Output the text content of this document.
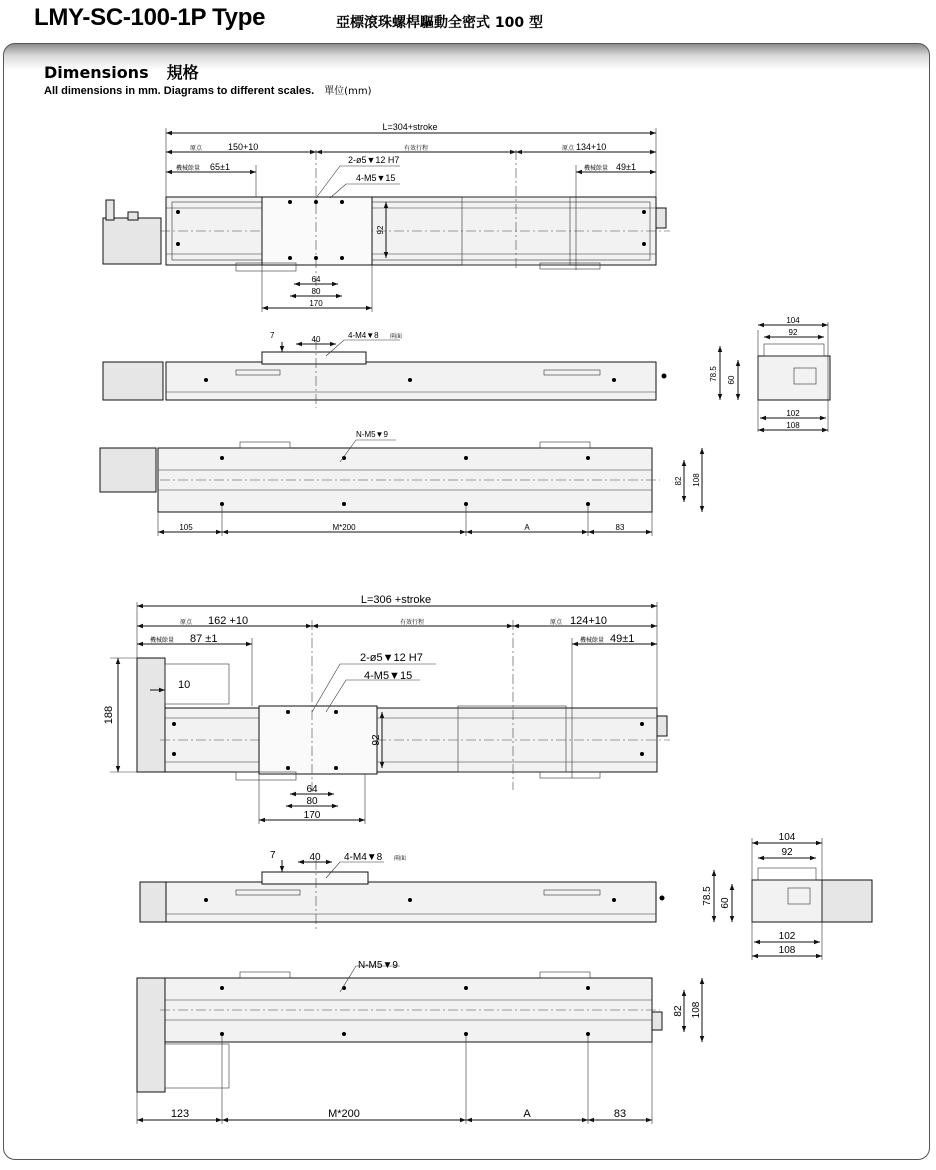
LMY-SC-100-1P Type	亞標滾珠螺桿驅動全密式 100 型
Dimensions 規格
All dimensions in mm. Diagrams to different scales. 單位(mm)
L=304+stroke
原点	150+10	有效行程	原点 134+10
機械餘量 65±1	機械餘量 49±1
2-ø5▼12 H7
4-M5▼15
92
64
80
170
7	40	4-M4▼8 兩面
104
92
78.5 60
102
108
N-M5▼9
82 108
105	M*200	A	83
L=306 +stroke
原点 162 +10	有效行程	原点 124+10
機械餘量 87 ±1	機械餘量 49±1
2-ø5▼12 H7
4-M5▼15
188
10
92
64
80
170
7	40 4-M4▼8 兩面
104
92
78.5 60
102
108
N-M5▼9
82 108
123	M*200	A	83
